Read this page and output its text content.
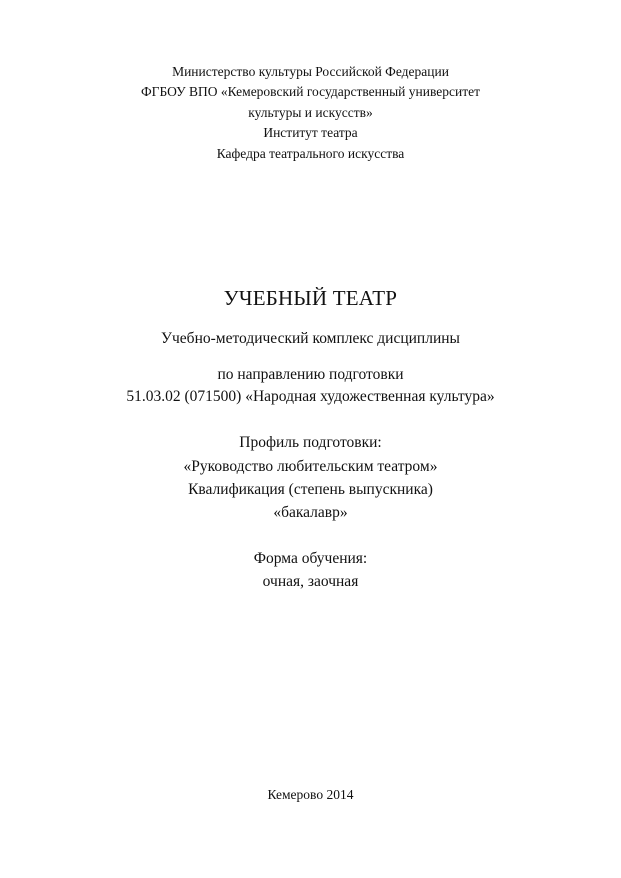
Министерство культуры Российской Федерации
ФГБОУ ВПО «Кемеровский государственный университет
культуры и искусств»
Институт театра
Кафедра театрального искусства
УЧЕБНЫЙ ТЕАТР
Учебно-методический комплекс дисциплины
по направлению подготовки
51.03.02 (071500) «Народная художественная культура»
Профиль подготовки:
«Руководство любительским театром»
Квалификация (степень выпускника)
«бакалавр»
Форма обучения:
очная, заочная
Кемерово 2014
